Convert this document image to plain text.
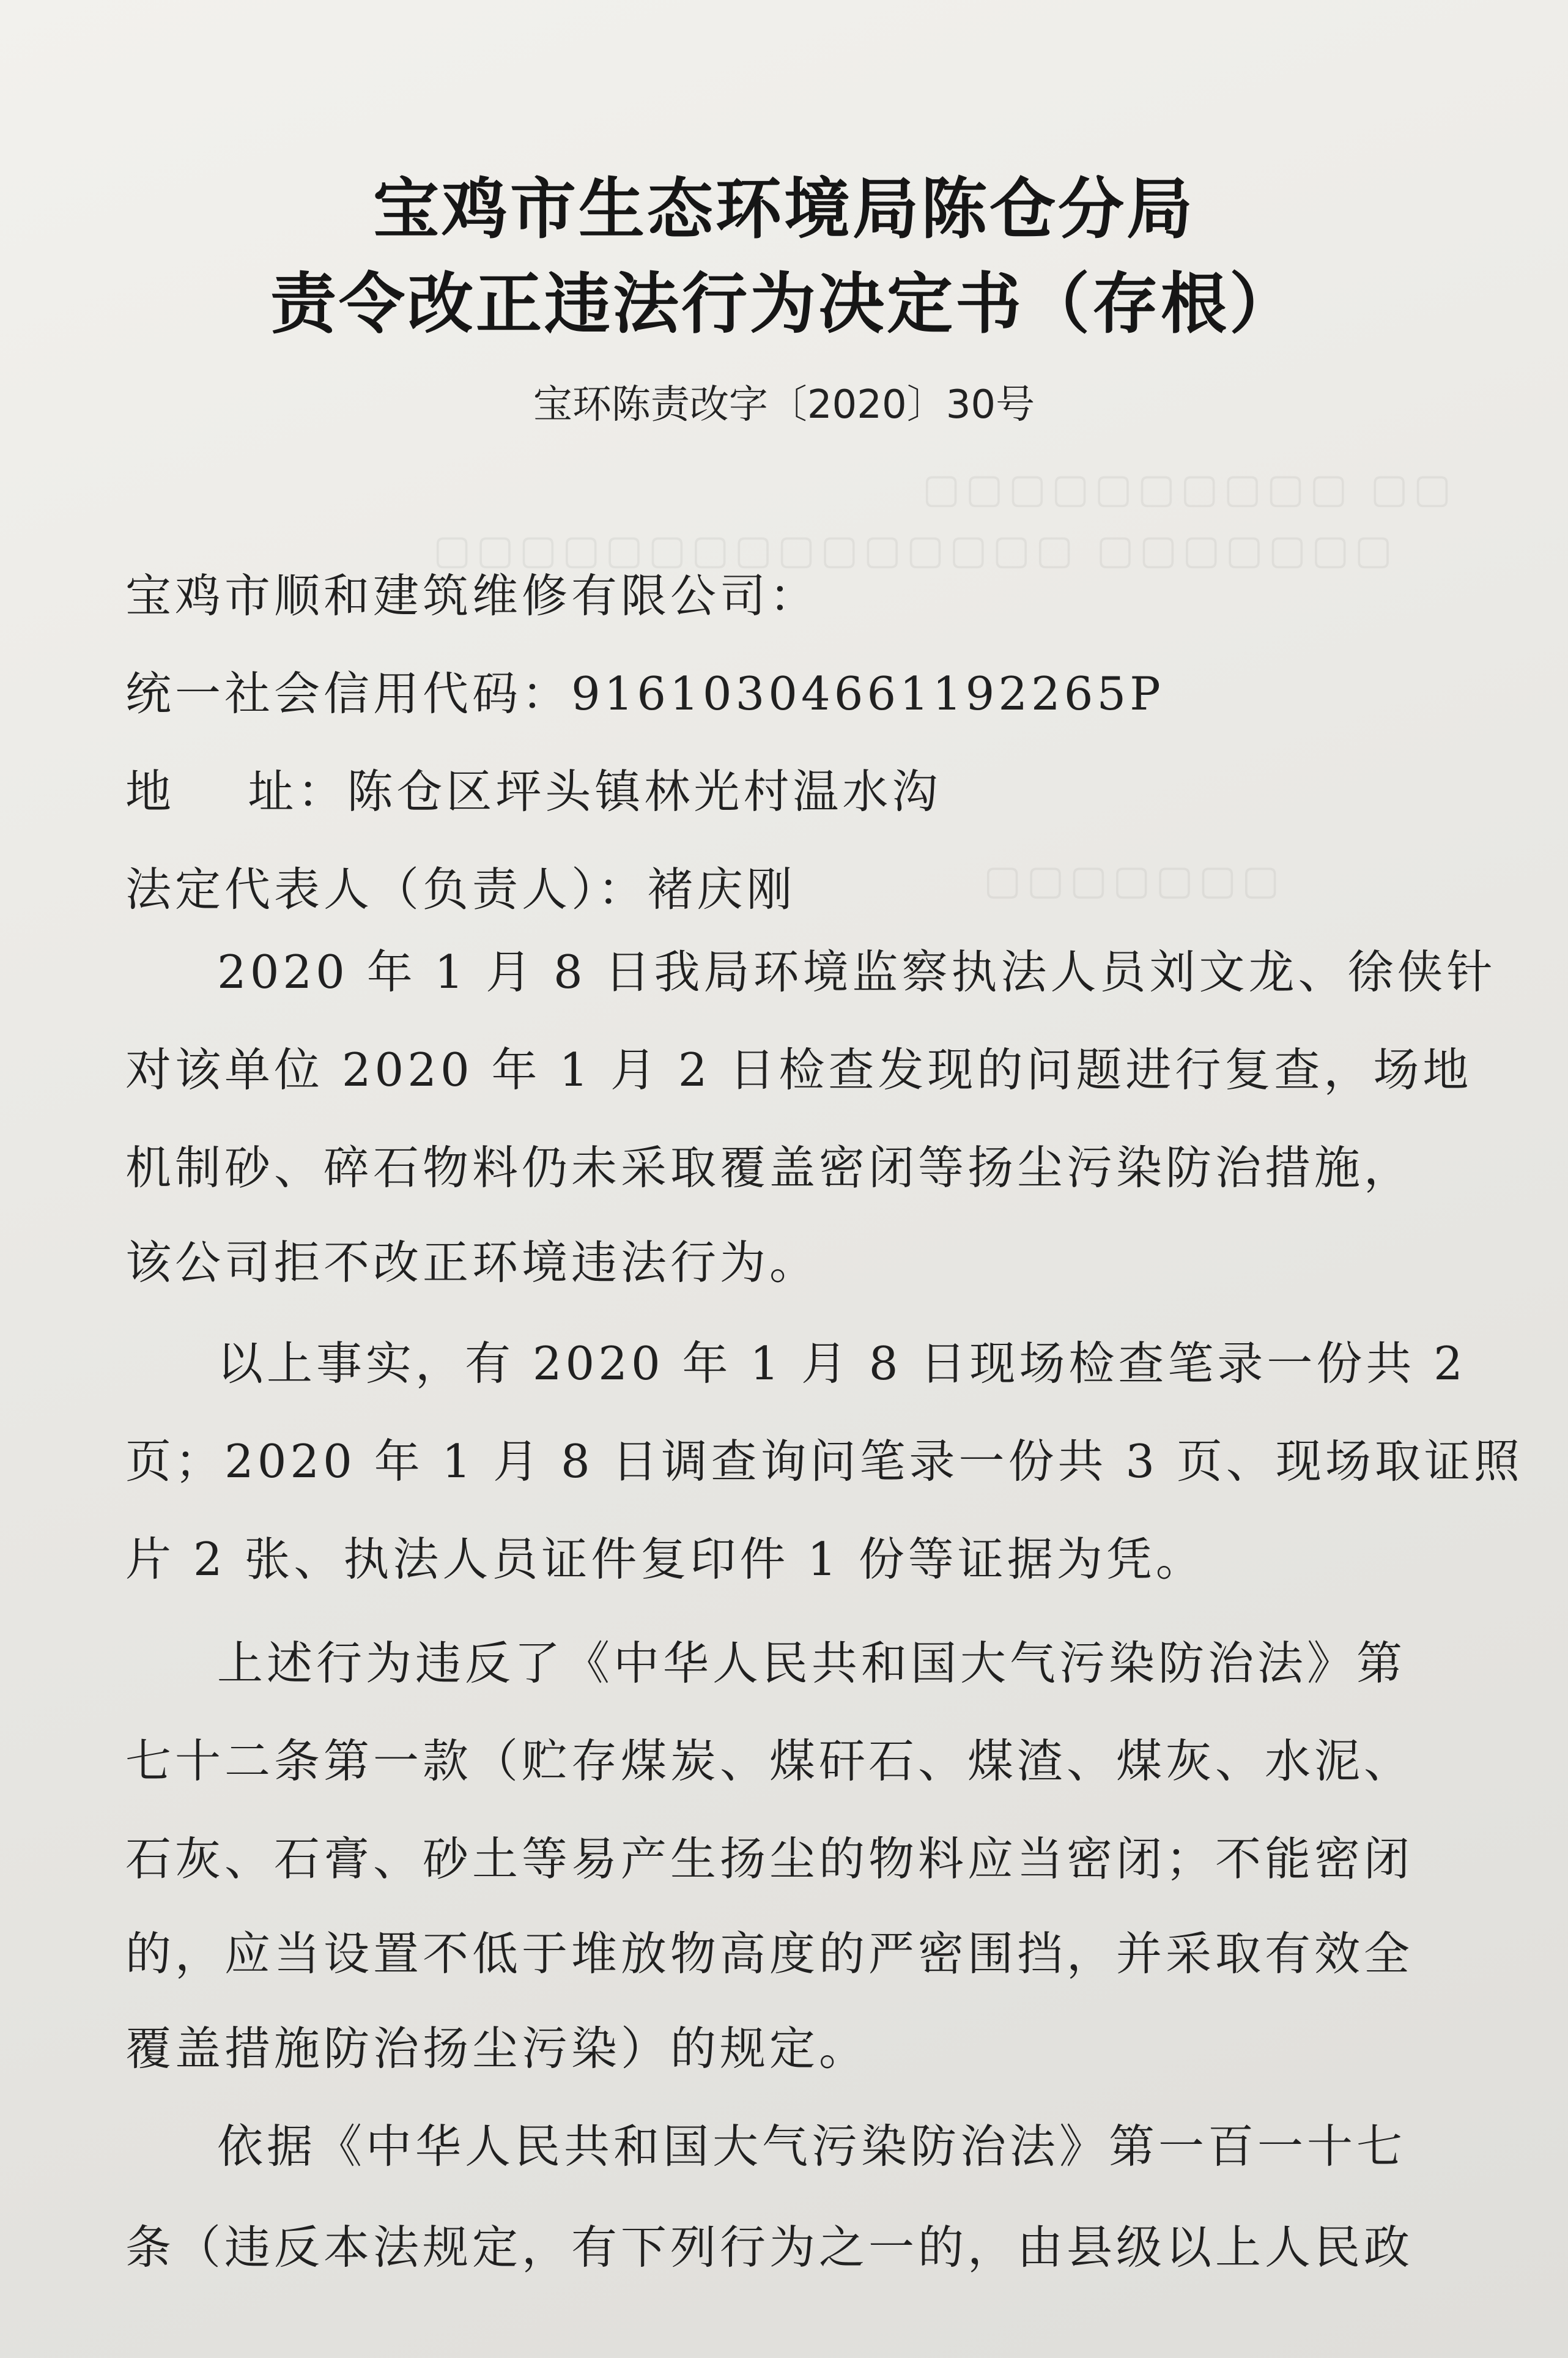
▢▢ ▢▢▢▢▢▢▢▢▢▢
▢▢▢▢▢▢▢ ▢▢▢▢▢▢▢▢▢▢▢▢▢▢▢
▢▢▢▢▢▢▢
宝鸡市生态环境局陈仓分局
责令改正违法行为决定书（存根）
宝环陈责改字〔2020〕30号
宝鸡市顺和建筑维修有限公司：
统一社会信用代码：91610304661192265P
地    址：陈仓区坪头镇林光村温水沟
法定代表人（负责人）：褚庆刚
2020 年 1 月 8 日我局环境监察执法人员刘文龙、徐侠针
对该单位 2020 年 1 月 2 日检查发现的问题进行复查，场地
机制砂、碎石物料仍未采取覆盖密闭等扬尘污染防治措施，
该公司拒不改正环境违法行为。
以上事实，有 2020 年 1 月 8 日现场检查笔录一份共 2
页；2020 年 1 月 8 日调查询问笔录一份共 3 页、现场取证照
片 2 张、执法人员证件复印件 1 份等证据为凭。
上述行为违反了《中华人民共和国大气污染防治法》第
七十二条第一款（贮存煤炭、煤矸石、煤渣、煤灰、水泥、
石灰、石膏、砂土等易产生扬尘的物料应当密闭；不能密闭
的，应当设置不低于堆放物高度的严密围挡，并采取有效全
覆盖措施防治扬尘污染）的规定。
依据《中华人民共和国大气污染防治法》第一百一十七
条（违反本法规定，有下列行为之一的，由县级以上人民政
